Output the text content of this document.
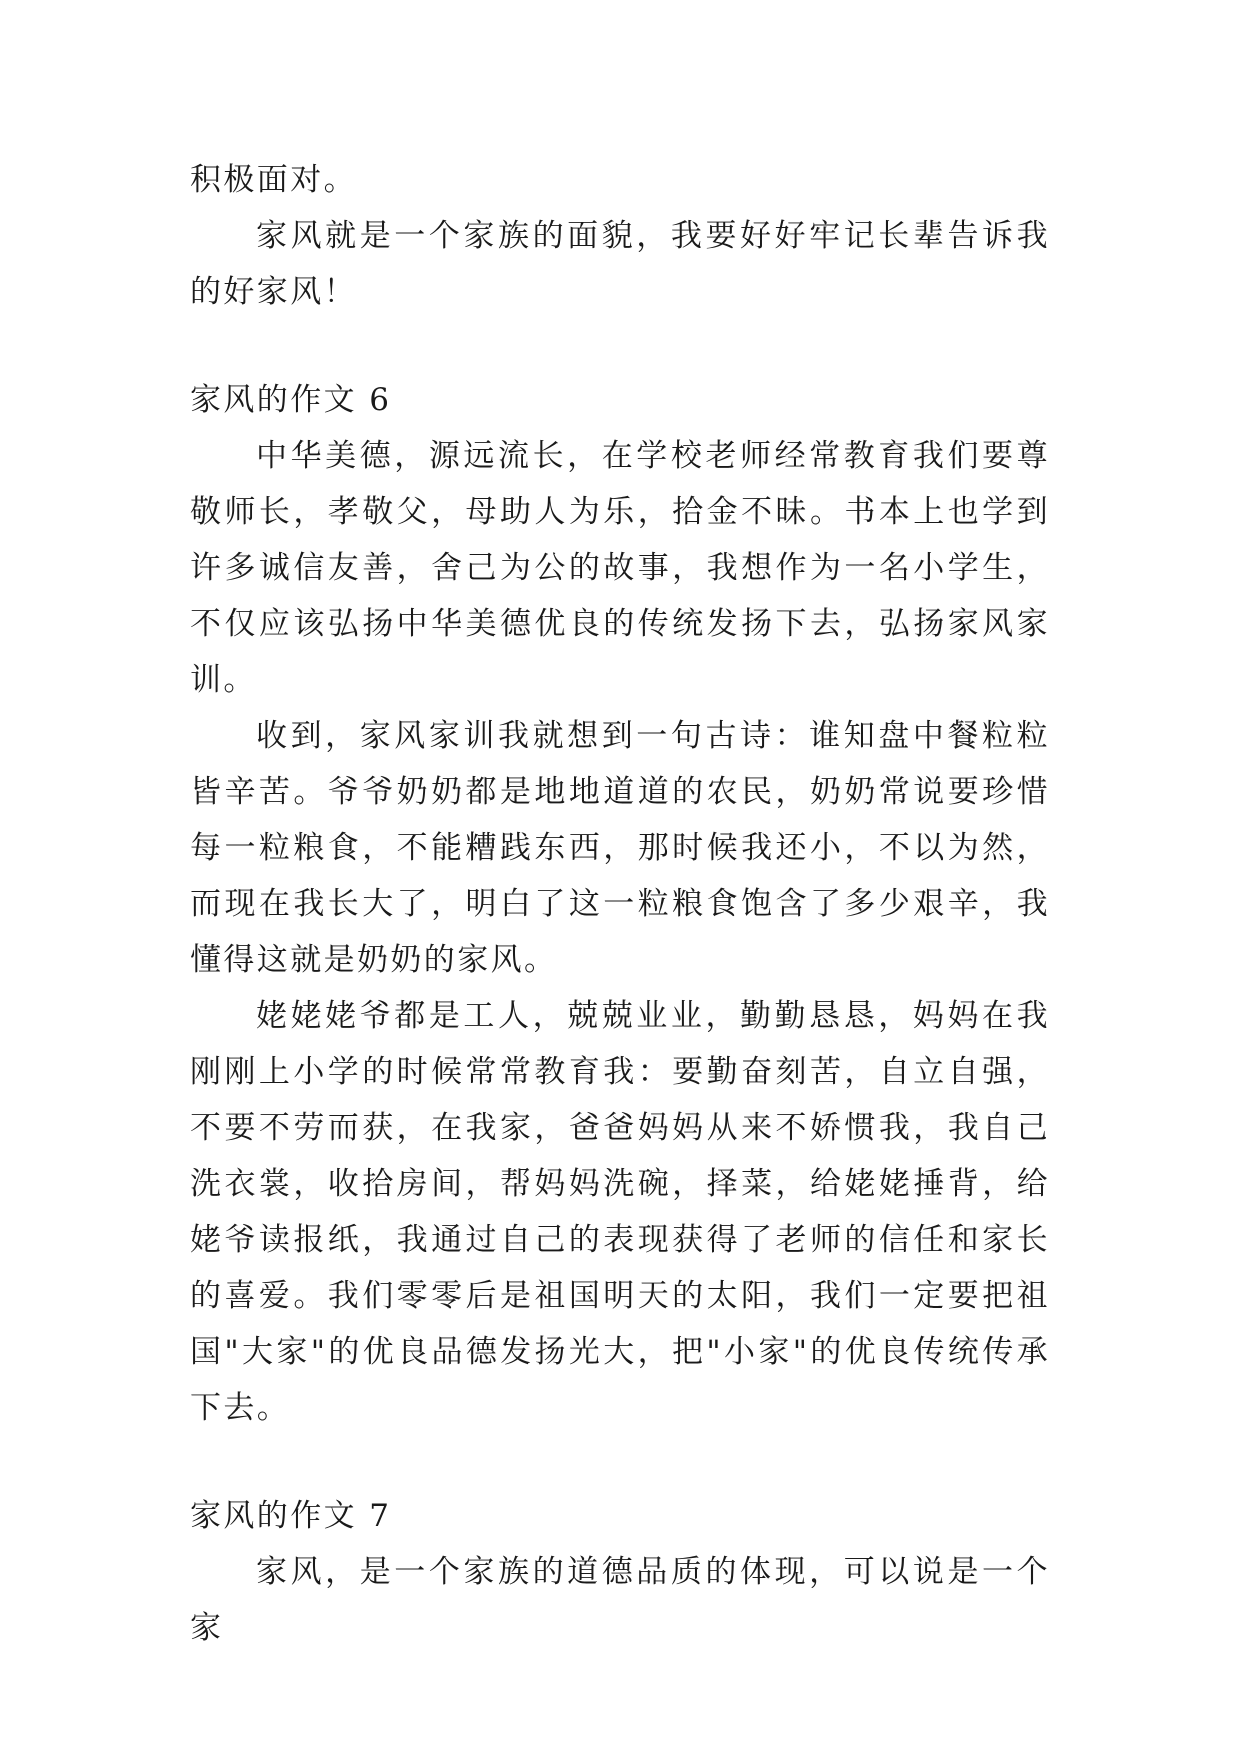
积极面对。

家风就是一个家族的面貌，我要好好牢记长辈告诉我的好家风！

家风的作文 6

中华美德，源远流长，在学校老师经常教育我们要尊敬师长，孝敬父，母助人为乐，拾金不昧。书本上也学到许多诚信友善，舍己为公的故事，我想作为一名小学生，不仅应该弘扬中华美德优良的传统发扬下去，弘扬家风家训。

收到，家风家训我就想到一句古诗：谁知盘中餐粒粒皆辛苦。爷爷奶奶都是地地道道的农民，奶奶常说要珍惜每一粒粮食，不能糟践东西，那时候我还小，不以为然，而现在我长大了，明白了这一粒粮食饱含了多少艰辛，我懂得这就是奶奶的家风。

姥姥姥爷都是工人，兢兢业业，勤勤恳恳，妈妈在我刚刚上小学的时候常常教育我：要勤奋刻苦，自立自强，不要不劳而获，在我家，爸爸妈妈从来不娇惯我，我自己洗衣裳，收拾房间，帮妈妈洗碗，择菜，给姥姥捶背，给姥爷读报纸，我通过自己的表现获得了老师的信任和家长的喜爱。我们零零后是祖国明天的太阳，我们一定要把祖国"大家"的优良品德发扬光大，把"小家"的优良传统传承下去。

家风的作文 7

家风，是一个家族的道德品质的体现，可以说是一个家
